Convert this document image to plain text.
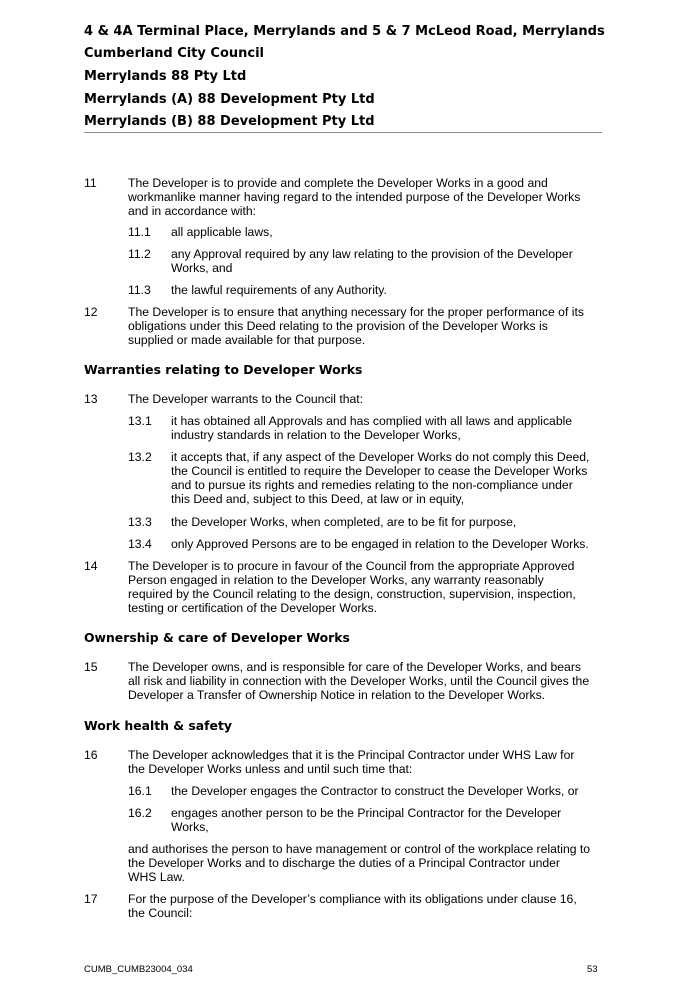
4 & 4A Terminal Place, Merrylands and 5 & 7 McLeod Road, Merrylands
Cumberland City Council
Merrylands 88 Pty Ltd
Merrylands (A) 88 Development Pty Ltd
Merrylands (B) 88 Development Pty Ltd
11	The Developer is to provide and complete the Developer Works in a good and
workmanlike manner having regard to the intended purpose of the Developer Works
and in accordance with:
11.1 all applicable laws,
11.2 any Approval required by any law relating to the provision of the Developer
Works, and
11.3 the lawful requirements of any Authority.
12 The Developer is to ensure that anything necessary for the proper performance of its
obligations under this Deed relating to the provision of the Developer Works is
supplied or made available for that purpose.
Warranties relating to Developer Works
13 The Developer warrants to the Council that:
13.1 it has obtained all Approvals and has complied with all laws and applicable
industry standards in relation to the Developer Works,
13.2 it accepts that, if any aspect of the Developer Works do not comply this Deed,
the Council is entitled to require the Developer to cease the Developer Works
and to pursue its rights and remedies relating to the non-compliance under
this Deed and, subject to this Deed, at law or in equity,
13.3 the Developer Works, when completed, are to be fit for purpose,
13.4 only Approved Persons are to be engaged in relation to the Developer Works.
14 The Developer is to procure in favour of the Council from the appropriate Approved
Person engaged in relation to the Developer Works, any warranty reasonably
required by the Council relating to the design, construction, supervision, inspection,
testing or certification of the Developer Works.
Ownership & care of Developer Works
15 The Developer owns, and is responsible for care of the Developer Works, and bears
all risk and liability in connection with the Developer Works, until the Council gives the
Developer a Transfer of Ownership Notice in relation to the Developer Works.
Work health & safety
16 The Developer acknowledges that it is the Principal Contractor under WHS Law for
the Developer Works unless and until such time that:
16.1 the Developer engages the Contractor to construct the Developer Works, or
16.2 engages another person to be the Principal Contractor for the Developer
Works,
and authorises the person to have management or control of the workplace relating to
the Developer Works and to discharge the duties of a Principal Contractor under
WHS Law.
17 For the purpose of the Developer’s compliance with its obligations under clause 16,
the Council:
CUMB_CUMB23004_034	53
